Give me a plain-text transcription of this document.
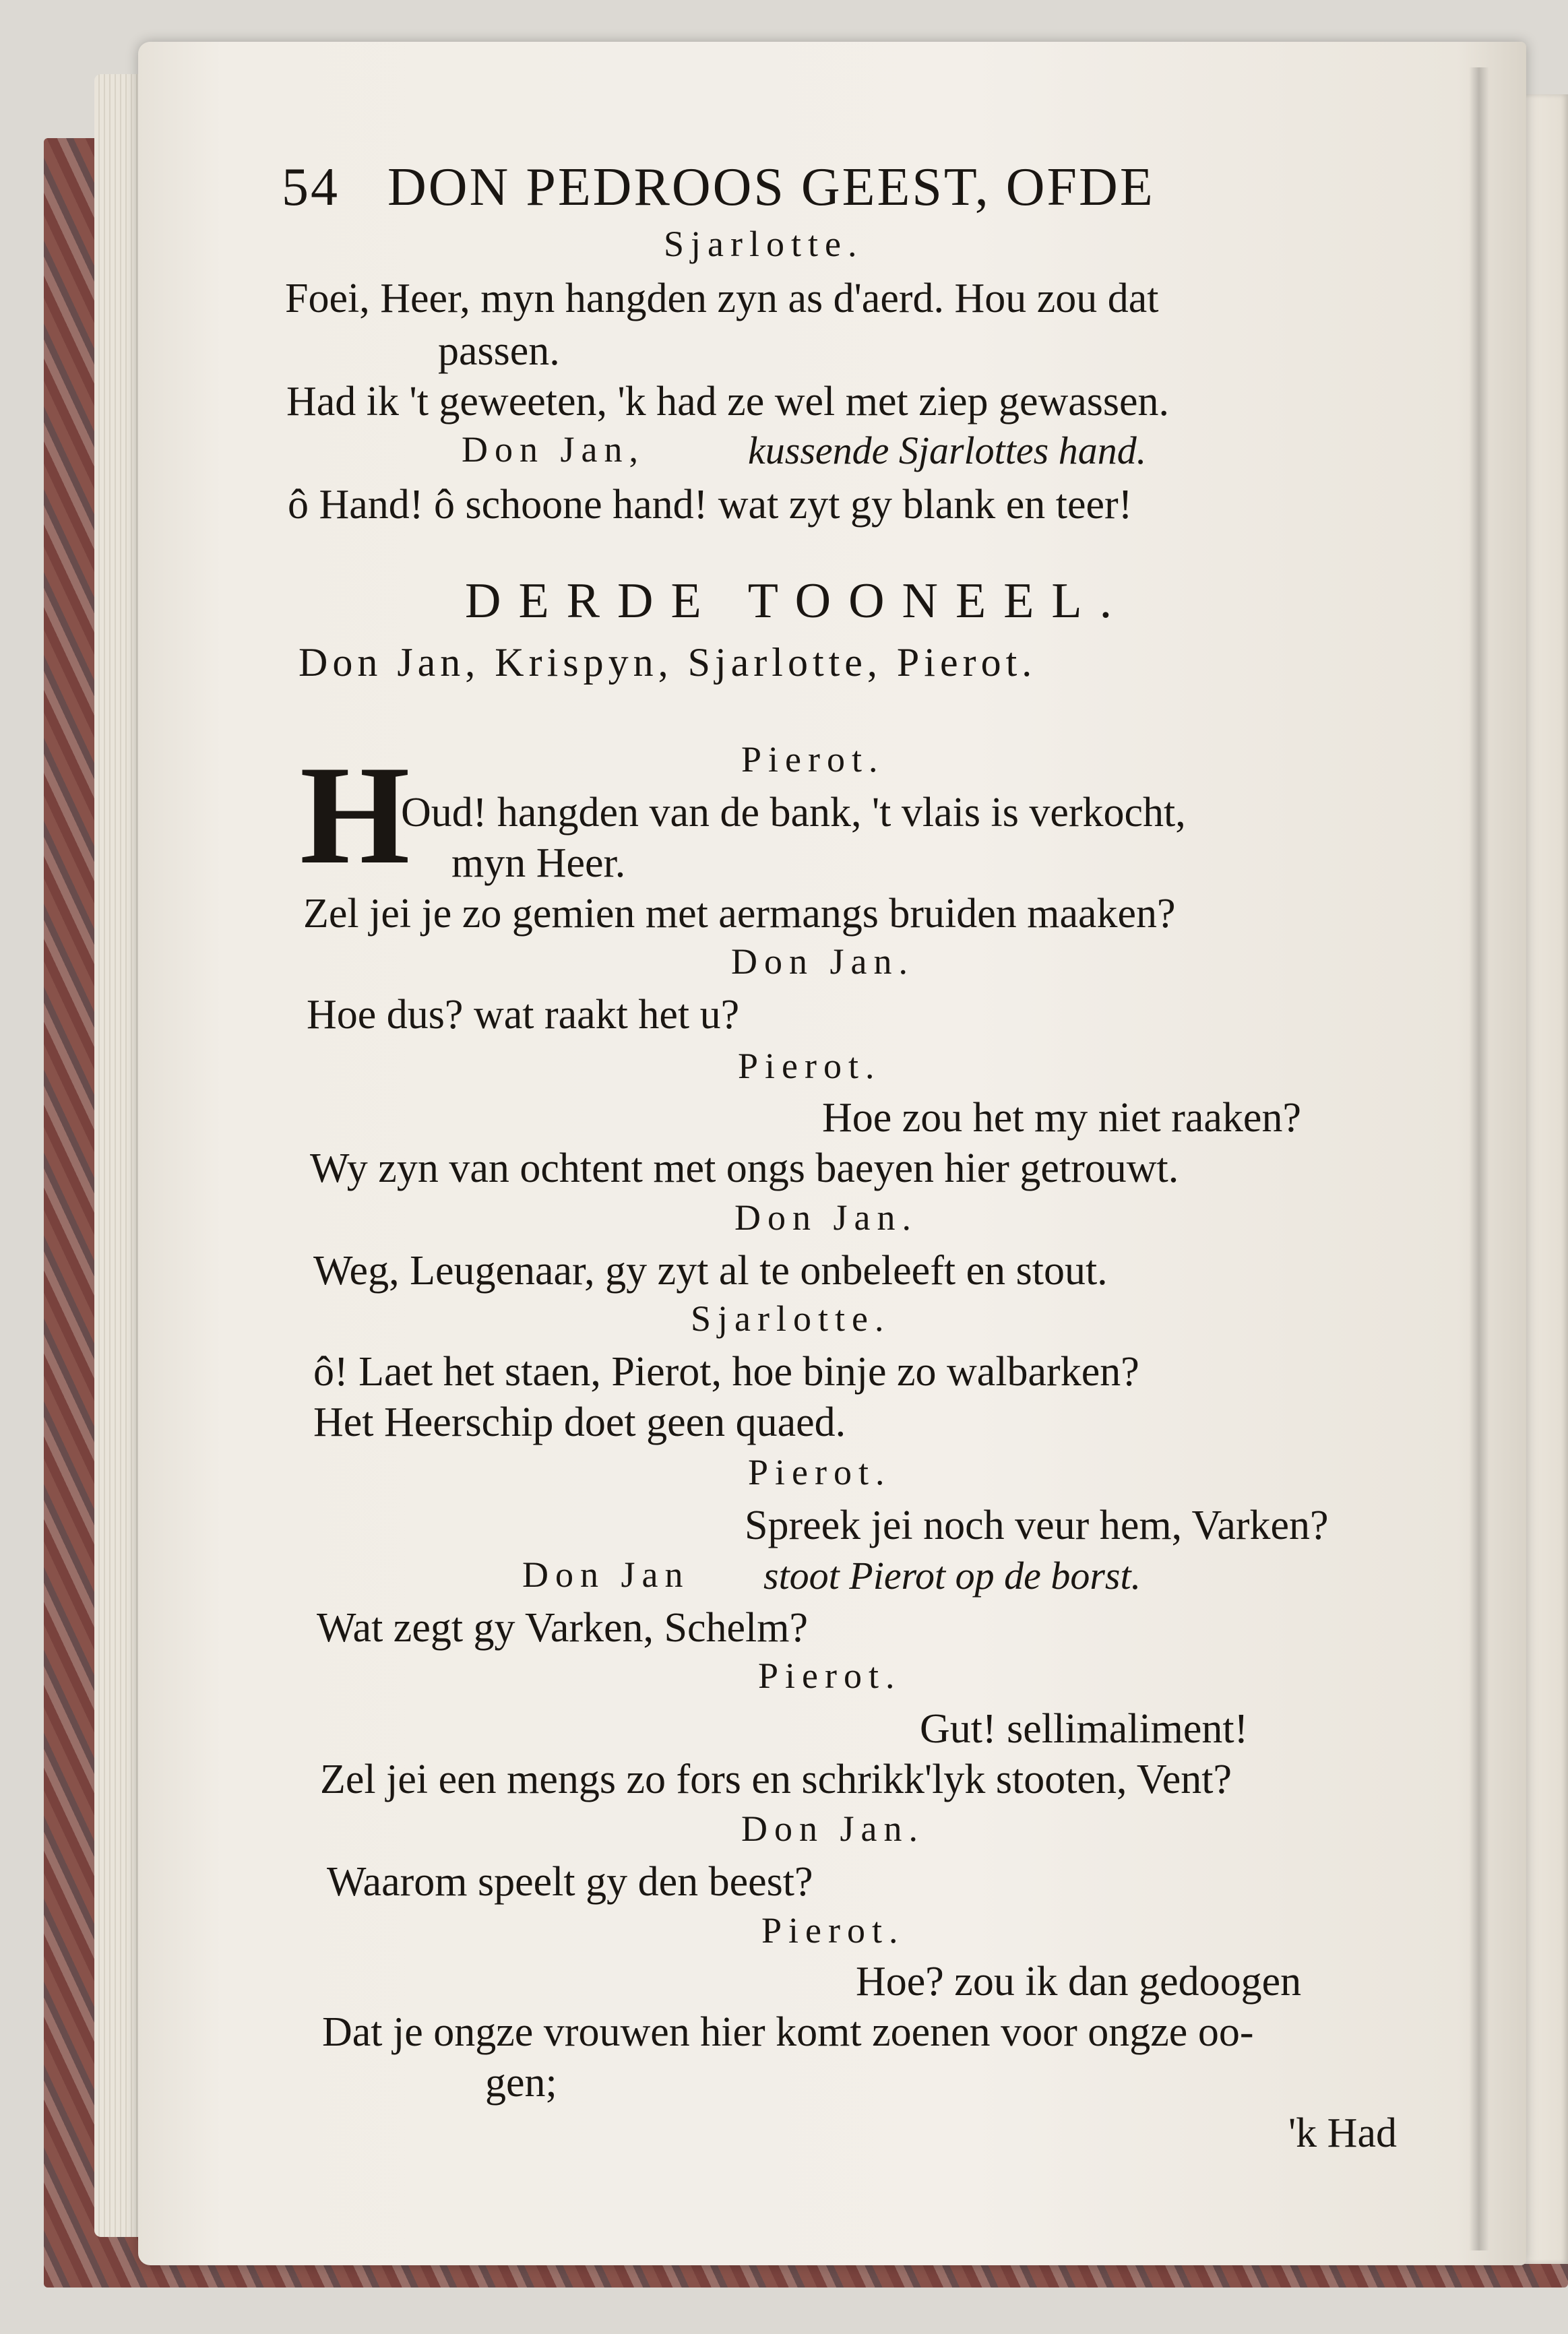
54 DON PEDROOS GEEST, OFDE
Sjarlotte.
Foei, Heer, myn hangden zyn as d'aerd. Hou zou dat
passen.
Had ik 't geweeten, 'k had ze wel met ziep gewassen.
Don Jan,	kussende Sjarlottes hand.
ô Hand! ô schoone hand! wat zyt gy blank en teer!
DERDE TOONEEL.
Don Jan, Krispyn, Sjarlotte, Pierot.
Pierot.
H
Oud! hangden van de bank, 't vlais is verkocht,
myn Heer.
Zel jei je zo gemien met aermangs bruiden maaken?
Don Jan.
Hoe dus? wat raakt het u?
Pierot.
Hoe zou het my niet raaken?
Wy zyn van ochtent met ongs baeyen hier getrouwt.
Don Jan.
Weg, Leugenaar, gy zyt al te onbeleeft en stout.
Sjarlotte.
ô! Laet het staen, Pierot, hoe binje zo walbarken?
Het Heerschip doet geen quaed.
Pierot.
Spreek jei noch veur hem, Varken?
Don Jan stoot Pierot op de borst.
Wat zegt gy Varken, Schelm?
Pierot.
Gut! sellimaliment!
Zel jei een mengs zo fors en schrikk'lyk stooten, Vent?
Don Jan.
Waarom speelt gy den beest?
Pierot.
Hoe? zou ik dan gedoogen
Dat je ongze vrouwen hier komt zoenen voor ongze oo-
gen;
'k Had
